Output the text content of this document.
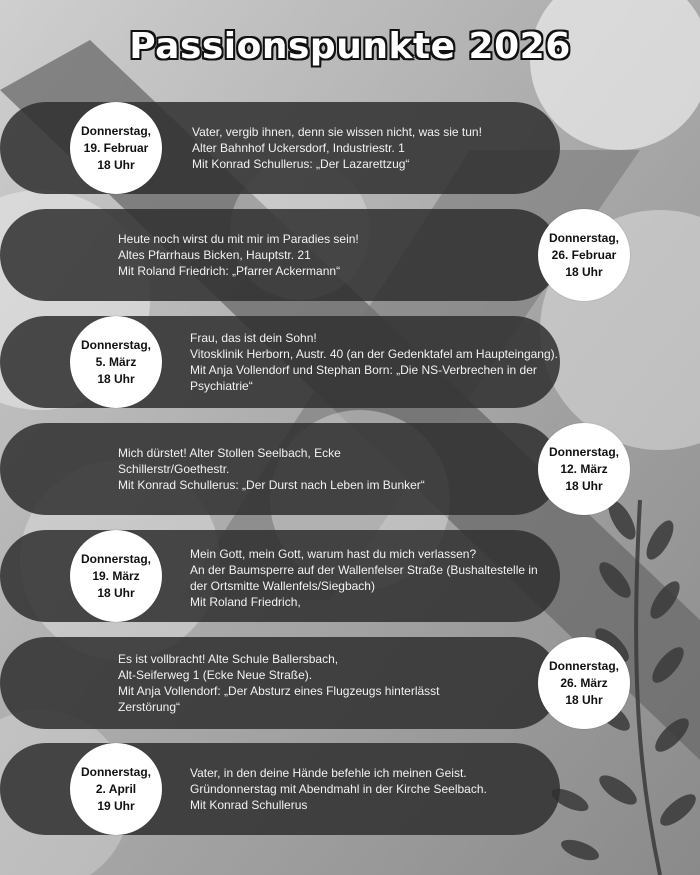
Passionspunkte 2026
Donnerstag,
19. Februar
18 Uhr
Vater, vergib ihnen, denn sie wissen nicht, was sie tun!
Alter Bahnhof Uckersdorf, Industriestr. 1
Mit Konrad Schullerus: „Der Lazarettzug“
Donnerstag,
26. Februar
18 Uhr
Heute noch wirst du mit mir im Paradies sein!
Altes Pfarrhaus Bicken, Hauptstr. 21
Mit Roland Friedrich: „Pfarrer Ackermann“
Donnerstag,
5. März
18 Uhr
Frau, das ist dein Sohn!
Vitosklinik Herborn, Austr. 40 (an der Gedenktafel am Haupteingang).
Mit Anja Vollendorf und Stephan Born: „Die NS-Verbrechen in der
Psychiatrie“
Donnerstag,
12. März
18 Uhr
Mich dürstet! Alter Stollen Seelbach, Ecke
Schillerstr/Goethestr.
Mit Konrad Schullerus: „Der Durst nach Leben im Bunker“
Donnerstag,
19. März
18 Uhr
Mein Gott, mein Gott, warum hast du mich verlassen?
An der Baumsperre auf der Wallenfelser Straße (Bushaltestelle in
der Ortsmitte Wallenfels/Siegbach)
Mit Roland Friedrich,
Donnerstag,
26. März
18 Uhr
Es ist vollbracht! Alte Schule Ballersbach,
Alt-Seiferweg 1 (Ecke Neue Straße).
Mit Anja Vollendorf: „Der Absturz eines Flugzeugs hinterlässt
Zerstörung“
Donnerstag,
2. April
19 Uhr
Vater, in den deine Hände befehle ich meinen Geist.
Gründonnerstag mit Abendmahl in der Kirche Seelbach.
Mit Konrad Schullerus
